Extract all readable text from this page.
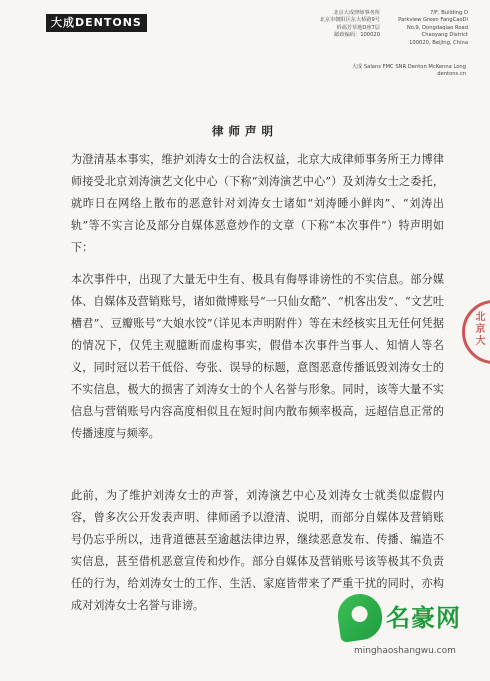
大成DENTONS
北京大成律师事务所
北京市朝阳区东大桥路9号
侨福芳草地D座7层
邮政编码：100020
7/F, Building D
Parkview Green FangCaoDi
No.9, Dongdaqiao Road
Chaoyang District
100020, Beijing, China
大成 Salans FMC SNR Denton McKenna Long
dentons.cn
律师声明

为澄清基本事实，维护刘涛女士的合法权益，北京大成律师事务所王力博律师接受北京刘涛演艺文化中心（下称“刘涛演艺中心”）及刘涛女士之委托，就昨日在网络上散布的恶意针对刘涛女士诸如“刘涛睡小鲜肉”、“刘涛出轨”等不实言论及部分自媒体恶意炒作的文章（下称“本次事件”）特声明如下：

本次事件中，出现了大量无中生有、极具有侮辱诽谤性的不实信息。部分媒体、自媒体及营销账号，诸如微博账号“一只仙女酷”、“机客出发”、“文艺吐槽君”、豆瓣账号“大娘水饺”（详见本声明附件）等在未经核实且无任何凭据的情况下，仅凭主观臆断而虚构事实，假借本次事件当事人、知情人等名义，同时冠以若干低俗、夸张、误导的标题，意图恶意传播诋毁刘涛女士的不实信息，极大的损害了刘涛女士的个人名誉与形象。同时，该等大量不实信息与营销账号内容高度相似且在短时间内散布频率极高，远超信息正常的传播速度与频率。

此前，为了维护刘涛女士的声誉，刘涛演艺中心及刘涛女士就类似虚假内容，曾多次公开发表声明、律师函予以澄清、说明，而部分自媒体及营销账号仍忘乎所以，违背道德甚至逾越法律边界，继续恶意发布、传播、编造不实信息，甚至借机恶意宣传和炒作。部分自媒体及营销账号该等极其不负责任的行为，给刘涛女士的工作、生活、家庭皆带来了严重干扰的同时，亦构成对刘涛女士名誉与诽谤。

北京大
名豪网
minghaoshangwu.com
